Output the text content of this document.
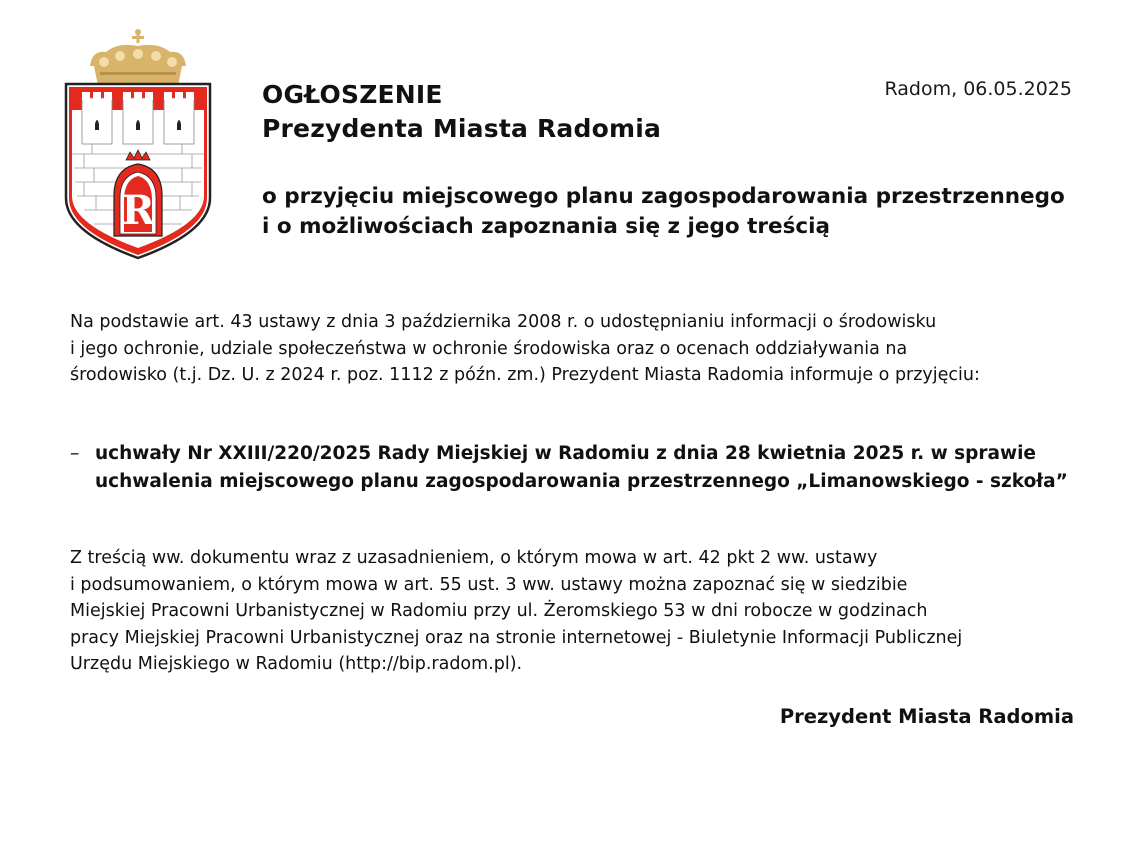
R
Radom, 06.05.2025

OGŁOSZENIE

Prezydenta Miasta Radomia

o przyjęciu miejscowego planu zagospodarowania przestrzennego
i o możliwościach zapoznania się z jego treścią
Na podstawie art. 43 ustawy z dnia 3 października 2008 r. o udostępnianiu informacji o środowisku
i jego ochronie, udziale społeczeństwa w ochronie środowiska oraz o ocenach oddziaływania na
środowisko (t.j. Dz. U. z 2024 r. poz. 1112 z późn. zm.) Prezydent Miasta Radomia informuje o przyjęciu:
– uchwały Nr XXIII/220/2025 Rady Miejskiej w Radomiu z dnia 28 kwietnia 2025 r. w sprawie
uchwalenia miejscowego planu zagospodarowania przestrzennego „Limanowskiego - szkoła”
Z treścią ww. dokumentu wraz z uzasadnieniem, o którym mowa w art. 42 pkt 2 ww. ustawy
i podsumowaniem, o którym mowa w art. 55 ust. 3 ww. ustawy można zapoznać się w siedzibie
Miejskiej Pracowni Urbanistycznej w Radomiu przy ul. Żeromskiego 53 w dni robocze w godzinach
pracy Miejskiej Pracowni Urbanistycznej oraz na stronie internetowej - Biuletynie Informacji Publicznej
Urzędu Miejskiego w Radomiu (http://bip.radom.pl).
Prezydent Miasta Radomia
